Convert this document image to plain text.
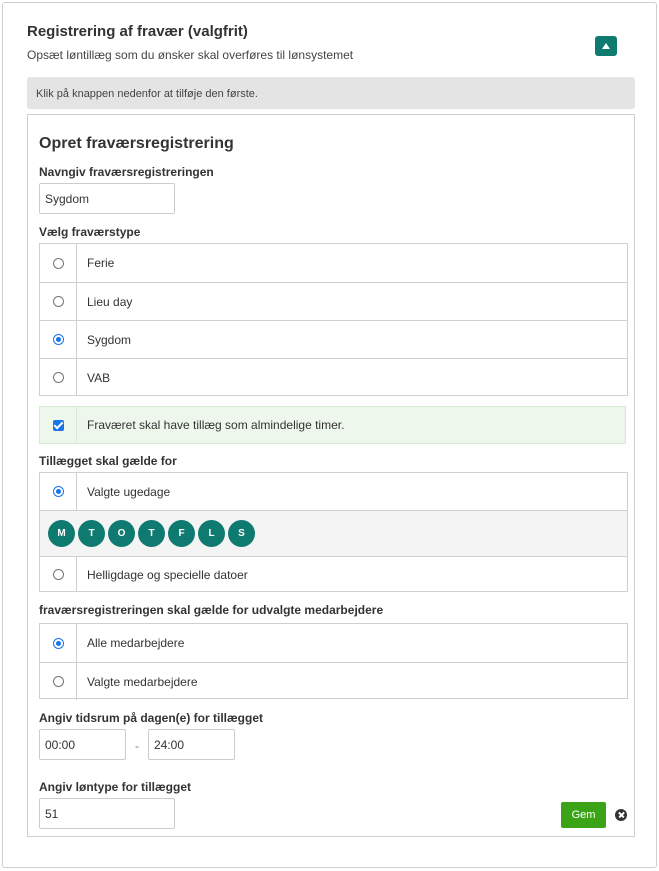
Registrering af fravær (valgfrit)
Opsæt løntillæg som du ønsker skal overføres til lønsystemet
Klik på knappen nedenfor at tilføje den første.
Opret fraværsregistrering
Navngiv fraværsregistreringen
Sygdom
Vælg fraværstype
Ferie
Lieu day
Sygdom
VAB
Fraværet skal have tillæg som almindelige timer.
Tillægget skal gælde for
Valgte ugedage
M	T	O	T	F	L	S
Helligdage og specielle datoer
fraværsregistreringen skal gælde for udvalgte medarbejdere
Alle medarbejdere
Valgte medarbejdere
Angiv tidsrum på dagen(e) for tillægget
00:00
-
24:00
Angiv løntype for tillægget
51
Gem
